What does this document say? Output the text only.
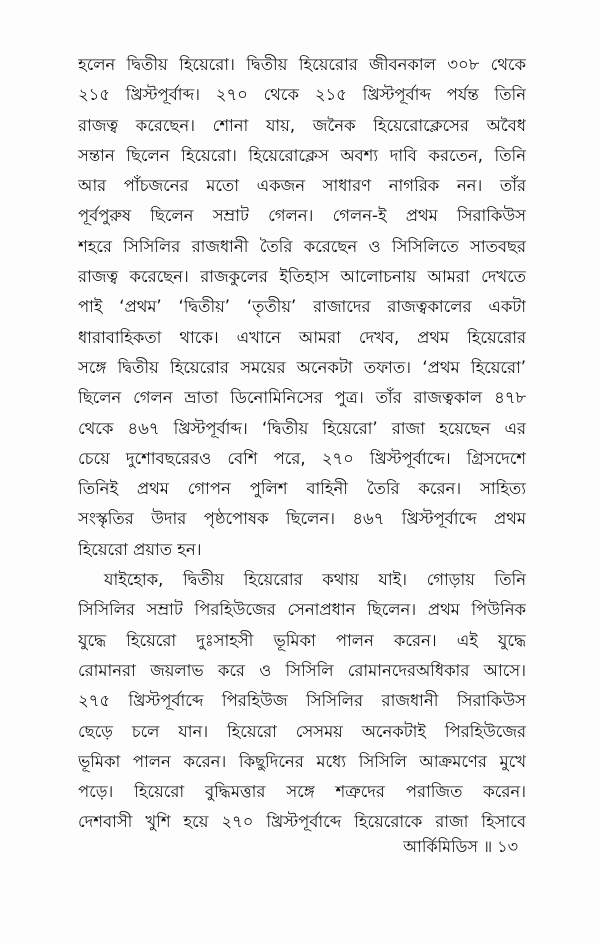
হলেন দ্বিতীয় হিয়েরো। দ্বিতীয় হিয়েরোর জীবনকাল ৩০৮ থেকে
২১৫ খ্রিস্টপূর্বাব্দ। ২৭০ থেকে ২১৫ খ্রিস্টপূর্বাব্দ পর্যন্ত তিনি
রাজত্ব করেছেন। শোনা যায়, জনৈক হিয়েরোক্লেসের অবৈধ
সন্তান ছিলেন হিয়েরো। হিয়েরোক্লেস অবশ্য দাবি করতেন, তিনি
আর পাঁচজনের মতো একজন সাধারণ নাগরিক নন। তাঁর
পূর্বপুরুষ ছিলেন সম্রাট গেলন। গেলন-ই প্রথম সিরাকিউস
শহরে সিসিলির রাজধানী তৈরি করেছেন ও সিসিলিতে সাতবছর
রাজত্ব করেছেন। রাজকুলের ইতিহাস আলোচনায় আমরা দেখতে
পাই ‘প্রথম’ ‘দ্বিতীয়’ ‘তৃতীয়’ রাজাদের রাজত্বকালের একটা
ধারাবাহিকতা থাকে। এখানে আমরা দেখব, প্রথম হিয়েরোর
সঙ্গে দ্বিতীয় হিয়েরোর সময়ের অনেকটা তফাত। ‘প্রথম হিয়েরো’
ছিলেন গেলন ভ্রাতা ডিনোমিনিসের পুত্র। তাঁর রাজত্বকাল ৪৭৮
থেকে ৪৬৭ খ্রিস্টপূর্বাব্দ। ‘দ্বিতীয় হিয়েরো’ রাজা হয়েছেন এর
চেয়ে দুশোবছরেরও বেশি পরে, ২৭০ খ্রিস্টপূর্বাব্দে। গ্রিসদেশে
তিনিই প্রথম গোপন পুলিশ বাহিনী তৈরি করেন। সাহিত্য
সংস্কৃতির উদার পৃষ্ঠপোষক ছিলেন। ৪৬৭ খ্রিস্টপূর্বাব্দে প্রথম
হিয়েরো প্রয়াত হন।
যাইহোক, দ্বিতীয় হিয়েরোর কথায় যাই। গোড়ায় তিনি
সিসিলির সম্রাট পিরহিউজের সেনাপ্রধান ছিলেন। প্রথম পিউনিক
যুদ্ধে হিয়েরো দুঃসাহসী ভূমিকা পালন করেন। এই যুদ্ধে
রোমানরা জয়লাভ করে ও সিসিলি রোমানদেরঅধিকার আসে।
২৭৫ খ্রিস্টপূর্বাব্দে পিরহিউজ সিসিলির রাজধানী সিরাকিউস
ছেড়ে চলে যান। হিয়েরো সেসময় অনেকটাই পিরহিউজের
ভূমিকা পালন করেন। কিছুদিনের মধ্যে সিসিলি আক্রমণের মুখে
পড়ে। হিয়েরো বুদ্ধিমত্তার সঙ্গে শত্রুদের পরাজিত করেন।
দেশবাসী খুশি হয়ে ২৭০ খ্রিস্টপূর্বাব্দে হিয়েরোকে রাজা হিসাবে
আর্কিমিডিস ॥ ১৩
